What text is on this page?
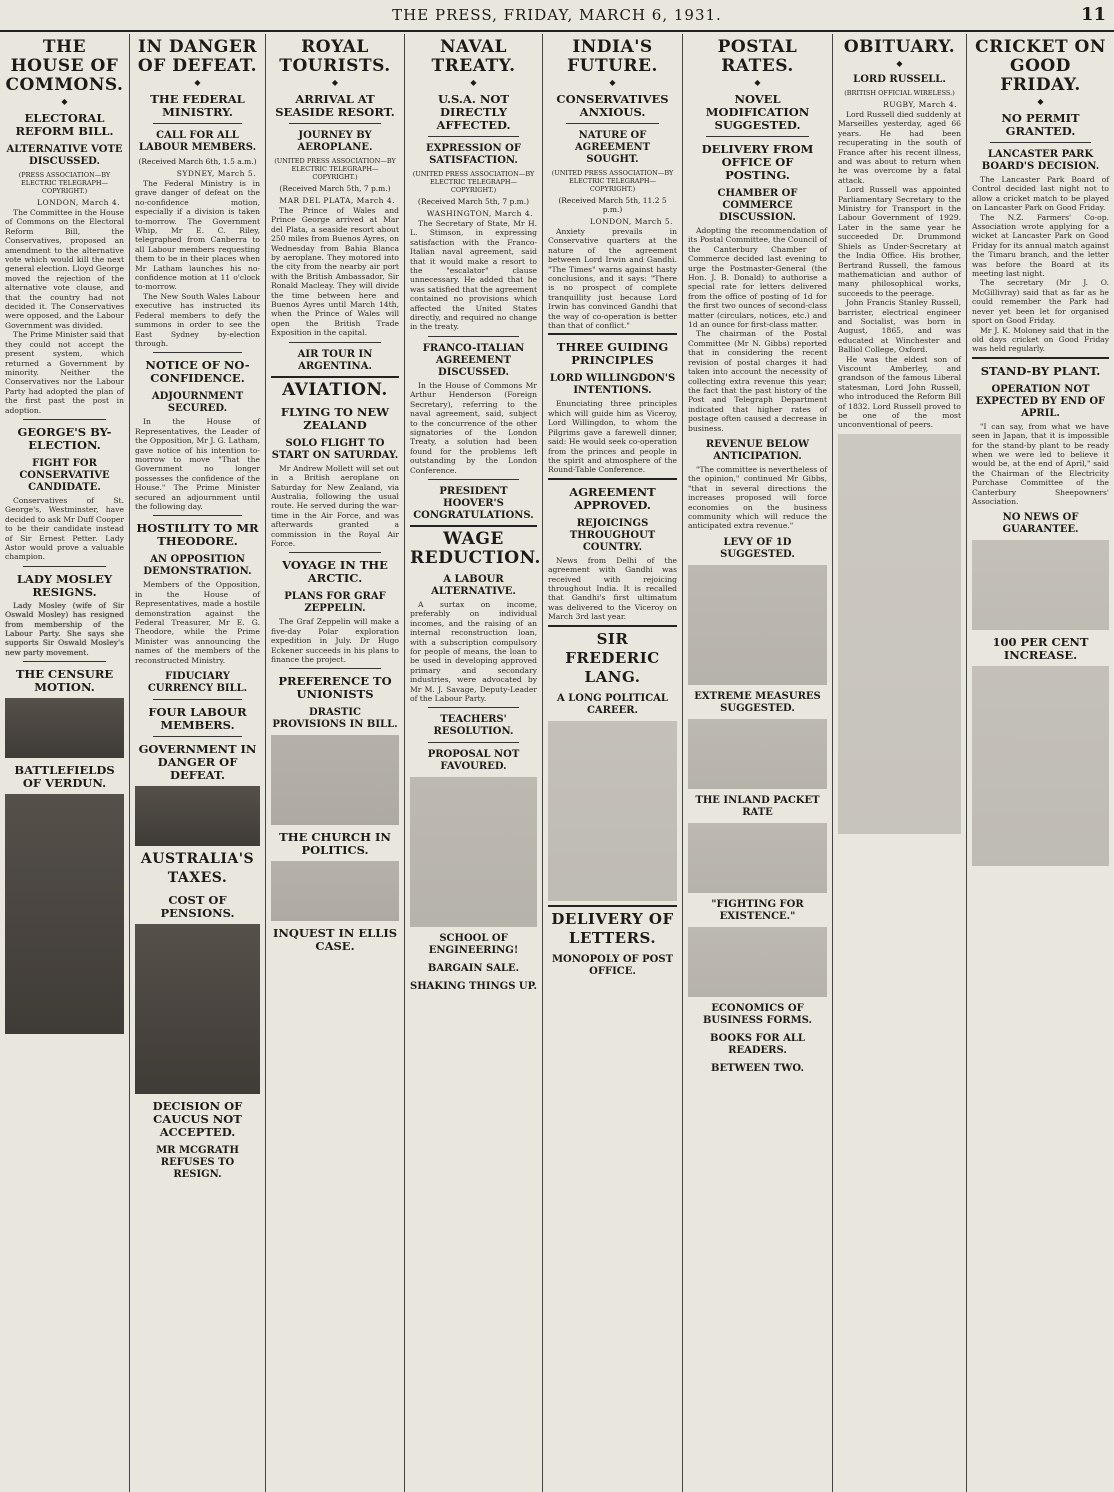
THE PRESS, FRIDAY, MARCH 6, 1931.	11
THE HOUSE OF COMMONS.
◆
ELECTORAL REFORM BILL.
ALTERNATIVE VOTE DISCUSSED.
(PRESS ASSOCIATION—BY ELECTRIC TELEGRAPH—COPYRIGHT.)
LONDON, March 4.

The Committee in the House of Commons on the Electoral Reform Bill, the Conservatives, proposed an amendment to the alternative vote which would kill the next general election. Lloyd George moved the rejection of the alternative vote clause, and that the country had not decided it. The Conservatives were opposed, and the Labour Government was divided.

The Prime Minister said that they could not accept the present system, which returned a Government by minority. Neither the Conservatives nor the Labour Party had adopted the plan of the first past the post in adoption.

GEORGE'S BY-ELECTION.
FIGHT FOR CONSERVATIVE CANDIDATE.

Conservatives of St. George's, Westminster, have decided to ask Mr Duff Cooper to be their candidate instead of Sir Ernest Petter. Lady Astor would prove a valuable champion.

LADY MOSLEY RESIGNS.

Lady Mosley (wife of Sir Oswald Mosley) has resigned from membership of the Labour Party. She says she supports Sir Oswald Mosley's new party movement.

THE CENSURE MOTION.
BATTLEFIELDS OF VERDUN.
IN DANGER OF DEFEAT.
◆
THE FEDERAL MINISTRY.
CALL FOR ALL LABOUR MEMBERS.
(Received March 6th, 1.5 a.m.)
SYDNEY, March 5.

The Federal Ministry is in grave danger of defeat on the no-confidence motion, especially if a division is taken to-morrow. The Government Whip, Mr E. C. Riley, telegraphed from Canberra to all Labour members requesting them to be in their places when Mr Latham launches his no-confidence motion at 11 o'clock to-morrow.

The New South Wales Labour executive has instructed its Federal members to defy the summons in order to see the East Sydney by-election through.

NOTICE OF NO-CONFIDENCE.
ADJOURNMENT SECURED.

In the House of Representatives, the Leader of the Opposition, Mr J. G. Latham, gave notice of his intention to-morrow to move "That the Government no longer possesses the confidence of the House." The Prime Minister secured an adjournment until the following day.

HOSTILITY TO MR THEODORE.
AN OPPOSITION DEMONSTRATION.

Members of the Opposition, in the House of Representatives, made a hostile demonstration against the Federal Treasurer, Mr E. G. Theodore, while the Prime Minister was announcing the names of the members of the reconstructed Ministry.

FIDUCIARY CURRENCY BILL.
FOUR LABOUR MEMBERS.
GOVERNMENT IN DANGER OF DEFEAT.
AUSTRALIA'S TAXES.
COST OF PENSIONS.
DECISION OF CAUCUS NOT ACCEPTED.
MR MCGRATH REFUSES TO RESIGN.
ROYAL TOURISTS.
◆
ARRIVAL AT SEASIDE RESORT.
JOURNEY BY AEROPLANE.
(UNITED PRESS ASSOCIATION—BY ELECTRIC TELEGRAPH—COPYRIGHT.)
(Received March 5th, 7 p.m.)
MAR DEL PLATA, March 4.

The Prince of Wales and Prince George arrived at Mar del Plata, a seaside resort about 250 miles from Buenos Ayres, on Wednesday from Bahia Blanca by aeroplane. They motored into the city from the nearby air port with the British Ambassador, Sir Ronald Macleay. They will divide the time between here and Buenos Ayres until March 14th, when the Prince of Wales will open the British Trade Exposition in the capital.

AIR TOUR IN ARGENTINA.
AVIATION.
FLYING TO NEW ZEALAND
SOLO FLIGHT TO START ON SATURDAY.

Mr Andrew Mollett will set out in a British aeroplane on Saturday for New Zealand, via Australia, following the usual route. He served during the war-time in the Air Force, and was afterwards granted a commission in the Royal Air Force.

VOYAGE IN THE ARCTIC.
PLANS FOR GRAF ZEPPELIN.

The Graf Zeppelin will make a five-day Polar exploration expedition in July. Dr Hugo Eckener succeeds in his plans to finance the project.

PREFERENCE TO UNIONISTS
DRASTIC PROVISIONS IN BILL.
THE CHURCH IN POLITICS.
INQUEST IN ELLIS CASE.
NAVAL TREATY.
◆
U.S.A. NOT DIRECTLY AFFECTED.
EXPRESSION OF SATISFACTION.
(UNITED PRESS ASSOCIATION—BY ELECTRIC TELEGRAPH—COPYRIGHT.)
(Received March 5th, 7 p.m.)
WASHINGTON, March 4.

The Secretary of State, Mr H. L. Stimson, in expressing satisfaction with the Franco-Italian naval agreement, said that it would make a resort to the "escalator" clause unnecessary. He added that he was satisfied that the agreement contained no provisions which affected the United States directly, and required no change in the treaty.

FRANCO-ITALIAN AGREEMENT DISCUSSED.

In the House of Commons Mr Arthur Henderson (Foreign Secretary), referring to the naval agreement, said, subject to the concurrence of the other signatories of the London Treaty, a solution had been found for the problems left outstanding by the London Conference.

PRESIDENT HOOVER'S CONGRATULATIONS.
WAGE REDUCTION.
A LABOUR ALTERNATIVE.

A surtax on income, preferably on individual incomes, and the raising of an internal reconstruction loan, with a subscription compulsory for people of means, the loan to be used in developing approved primary and secondary industries, were advocated by Mr M. J. Savage, Deputy-Leader of the Labour Party.

TEACHERS' RESOLUTION.
PROPOSAL NOT FAVOURED.
SCHOOL OF ENGINEERING!
BARGAIN SALE.
SHAKING THINGS UP.
INDIA'S FUTURE.
◆
CONSERVATIVES ANXIOUS.
NATURE OF AGREEMENT SOUGHT.
(UNITED PRESS ASSOCIATION—BY ELECTRIC TELEGRAPH—COPYRIGHT.)
(Received March 5th, 11.2 5 p.m.)
LONDON, March 5.

Anxiety prevails in Conservative quarters at the nature of the agreement between Lord Irwin and Gandhi. "The Times" warns against hasty conclusions, and it says: "There is no prospect of complete tranquillity just because Lord Irwin has convinced Gandhi that the way of co-operation is better than that of conflict."

THREE GUIDING PRINCIPLES
LORD WILLINGDON'S INTENTIONS.

Enunciating three principles which will guide him as Viceroy, Lord Willingdon, to whom the Pilgrims gave a farewell dinner, said: He would seek co-operation from the princes and people in the spirit and atmosphere of the Round-Table Conference.

AGREEMENT APPROVED.
REJOICINGS THROUGHOUT COUNTRY.

News from Delhi of the agreement with Gandhi was received with rejoicing throughout India. It is recalled that Gandhi's first ultimatum was delivered to the Viceroy on March 3rd last year.

SIR FREDERIC LANG.
A LONG POLITICAL CAREER.
DELIVERY OF LETTERS.
MONOPOLY OF POST OFFICE.
POSTAL RATES.
◆
NOVEL MODIFICATION SUGGESTED.
DELIVERY FROM OFFICE OF POSTING.
CHAMBER OF COMMERCE DISCUSSION.

Adopting the recommendation of its Postal Committee, the Council of the Canterbury Chamber of Commerce decided last evening to urge the Postmaster-General (the Hon. J. B. Donald) to authorise a special rate for letters delivered from the office of posting of 1d for the first two ounces of second-class matter (circulars, notices, etc.) and 1d an ounce for first-class matter.

The chairman of the Postal Committee (Mr N. Gibbs) reported that in considering the recent revision of postal charges it had taken into account the necessity of collecting extra revenue this year; the fact that the past history of the Post and Telegraph Department indicated that higher rates of postage often caused a decrease in business.

REVENUE BELOW ANTICIPATION.

"The committee is nevertheless of the opinion," continued Mr Gibbs, "that in several directions the increases proposed will force economies on the business community which will reduce the anticipated extra revenue."

LEVY OF 1D SUGGESTED.
EXTREME MEASURES SUGGESTED.
THE INLAND PACKET RATE
"FIGHTING FOR EXISTENCE."
ECONOMICS OF BUSINESS FORMS.
BOOKS FOR ALL READERS.
BETWEEN TWO.
OBITUARY.
◆
LORD RUSSELL.
(BRITISH OFFICIAL WIRELESS.)
RUGBY, March 4.

Lord Russell died suddenly at Marseilles yesterday, aged 66 years. He had been recuperating in the south of France after his recent illness, and was about to return when he was overcome by a fatal attack.

Lord Russell was appointed Parliamentary Secretary to the Ministry for Transport in the Labour Government of 1929. Later in the same year he succeeded Dr. Drummond Shiels as Under-Secretary at the India Office. His brother, Bertrand Russell, the famous mathematician and author of many philosophical works, succeeds to the peerage.

John Francis Stanley Russell, barrister, electrical engineer and Socialist, was born in August, 1865, and was educated at Winchester and Balliol College, Oxford.

He was the eldest son of Viscount Amberley, and grandson of the famous Liberal statesman, Lord John Russell, who introduced the Reform Bill of 1832. Lord Russell proved to be one of the most unconventional of peers.

CRICKET ON GOOD FRIDAY.
◆
NO PERMIT GRANTED.
LANCASTER PARK BOARD'S DECISION.

The Lancaster Park Board of Control decided last night not to allow a cricket match to be played on Lancaster Park on Good Friday.

The N.Z. Farmers' Co-op. Association wrote applying for a wicket at Lancaster Park on Good Friday for its annual match against the Timaru branch, and the letter was before the Board at its meeting last night.

The secretary (Mr J. O. McGillivray) said that as far as he could remember the Park had never yet been let for organised sport on Good Friday.

Mr J. K. Moloney said that in the old days cricket on Good Friday was held regularly.

STAND-BY PLANT.
OPERATION NOT EXPECTED BY END OF APRIL.

"I can say, from what we have seen in Japan, that it is impossible for the stand-by plant to be ready when we were led to believe it would be, at the end of April," said the Chairman of the Electricity Purchase Committee of the Canterbury Sheepowners' Association.

NO NEWS OF GUARANTEE.
100 PER CENT INCREASE.
